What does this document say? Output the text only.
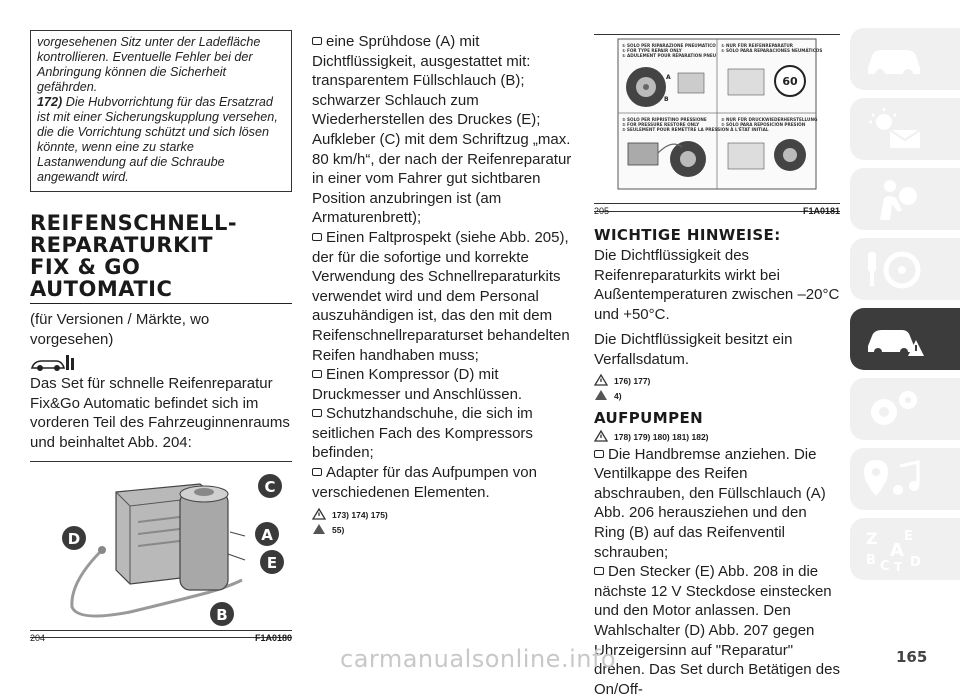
vorgesehenen Sitz unter der Ladefläche kontrollieren. Eventuelle Fehler bei der Anbringung können die Sicherheit gefährden.
172) Die Hubvorrichtung für das Ersatzrad ist mit einer Sicherungskupplung versehen, die die Vorrichtung schützt und sich lösen könnte, wenn eine zu starke Lastanwendung auf die Schraube angewandt wird.
REIFENSCHNELL-
REPARATURKIT
FIX & GO
AUTOMATIC

(für Versionen / Märkte, wo vorgesehen)

Das Set für schnelle Reifenreparatur Fix&Go Automatic befindet sich im vorderen Teil des Fahrzeuginnenraums und beinhaltet Abb. 204:

C
A
E
D
B
204	F1A0180

eine Sprühdose (A) mit Dichtflüssigkeit, ausgestattet mit: transparentem Füllschlauch (B); schwarzer Schlauch zum Wiederherstellen des Druckes (E); Aufkleber (C) mit dem Schriftzug „max. 80 km/h“, der nach der Reifenreparatur in einer vom Fahrer gut sichtbaren Position anzubringen ist (am Armaturenbrett);

Einen Faltprospekt (siehe Abb. 205), der für die sofortige und korrekte Verwendung des Schnellreparaturkits verwendet wird und dem Personal auszuhändigen ist, das den mit dem Reifenschnellreparaturset behandelten Reifen handhaben muss;

Einen Kompressor (D) mit Druckmesser und Anschlüssen.

Schutzhandschuhe, die sich im seitlichen Fach des Kompressors befinden;

Adapter für das Aufpumpen von verschiedenen Elementen.

173) 174) 175)
55)
① SOLO PER RIPARAZIONE PNEUMATICO
① FOR TYPE REPAIR ONLY
① ADULEMENT POUR RÉPARATION PNEU
① NUR FÜR REIFENREPARATUR
① SÓLO PARA REPARACIONES NEUMÁTICOS
② SOLO PER RIPRISTINO PRESSIONE
② FOR PRESSURE RESTORE ONLY
② SEULEMENT POUR REMETTRE LA PRESSION À L'ÉTAT INITIAL
② NUR FÜR DRUCKWIEDERHERSTELLUNG
② SÓLO PARA REPOSICIÓN PRESIÓN
A
B
60
205	F1A0181
WICHTIGE HINWEISE:

Die Dichtflüssigkeit des Reifenreparaturkits wirkt bei Außentemperaturen zwischen –20°C und +50°C.

Die Dichtflüssigkeit besitzt ein Verfallsdatum.

176) 177)
4)
AUFPUMPEN
178) 179) 180) 181) 182)

Die Handbremse anziehen. Die Ventilkappe des Reifen abschrauben, den Füllschlauch (A) Abb. 206 herausziehen und den Ring (B) auf das Reifenventil schrauben;

Den Stecker (E) Abb. 208 in die nächste 12 V Steckdose einstecken und den Motor anlassen. Den Wahlschalter (D) Abb. 207 gegen Uhrzeigersinn auf "Reparatur" drehen. Das Set durch Betätigen des On/Off-

Z E
B A
C T D
carmanualsonline.info	165
